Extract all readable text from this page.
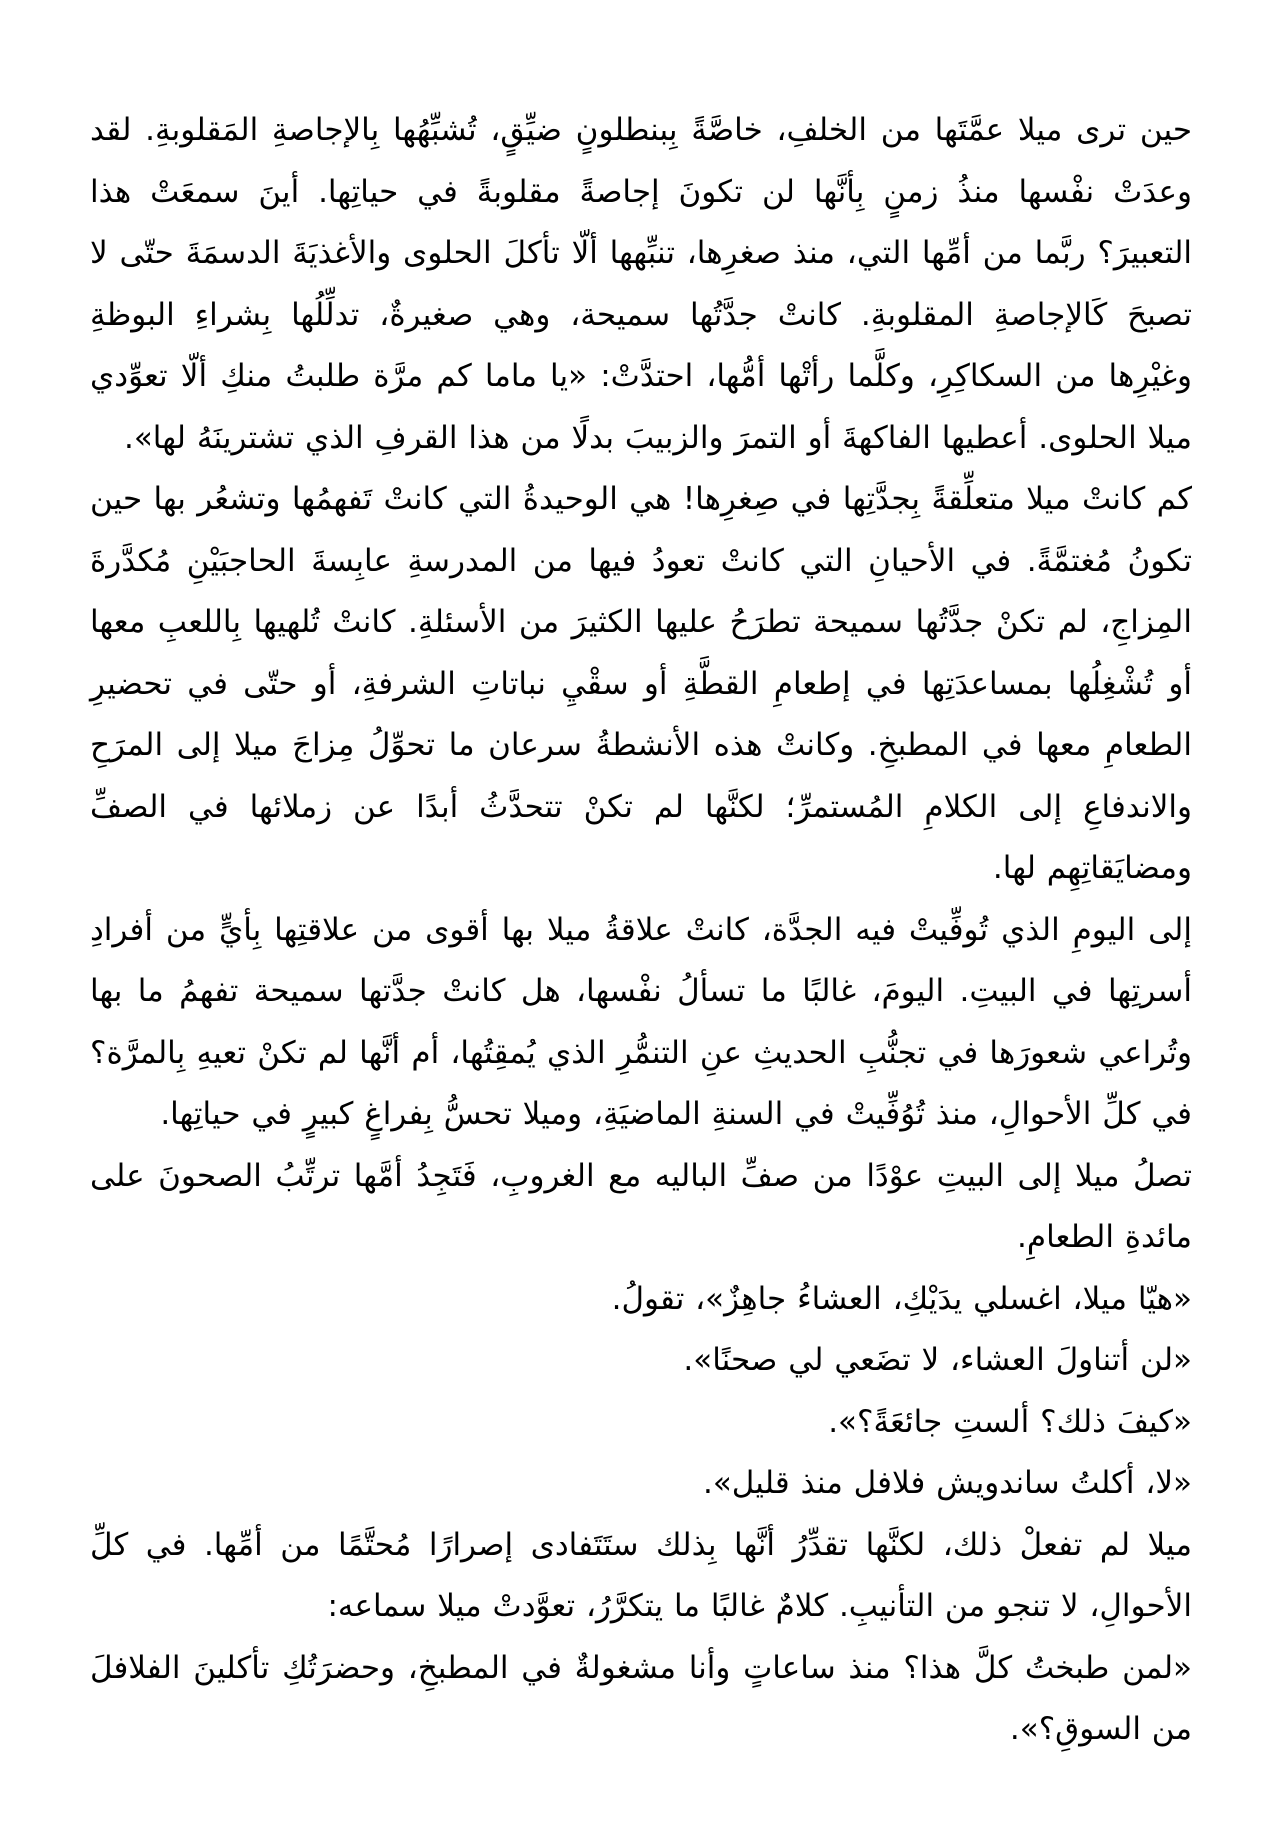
حين ترى ميلا عمَّتَها من الخلفِ، خاصَّةً بِبنطلونٍ ضيِّقٍ، تُشبِّهُها بِالإجاصةِ المَقلوبةِ. لقد وعدَتْ نفْسها منذُ زمنٍ بِأنَّها لن تكونَ إجاصةً مقلوبةً في حياتِها. أينَ سمعَتْ هذا التعبيرَ؟ ربَّما من أمِّها التي، منذ صغرِها، تنبِّهها ألّا تأكلَ الحلوى والأغذيَةَ الدسمَةَ حتّى لا تصبحَ كَالإجاصةِ المقلوبةِ. كانتْ جدَّتُها سميحة، وهي صغيرةٌ، تدلِّلُها بِشراءِ البوظةِ وغيْرِها من السكاكِرِ، وكلَّما رأتْها أمُّها، احتدَّتْ: «يا ماما كم مرَّة طلبتُ منكِ ألّا تعوِّدي ميلا الحلوى. أعطيها الفاكهةَ أو التمرَ والزبيبَ بدلًا من هذا القرفِ الذي تشترينَهُ لها».

كم كانتْ ميلا متعلِّقةً بِجدَّتِها في صِغرِها! هي الوحيدةُ التي كانتْ تَفهمُها وتشعُر بها حين تكونُ مُغتمَّةً. في الأحيانِ التي كانتْ تعودُ فيها من المدرسةِ عابِسةَ الحاجبَيْنِ مُكدَّرةَ المِزاجِ، لم تكنْ جدَّتُها سميحة تطرَحُ عليها الكثيرَ من الأسئلةِ. كانتْ تُلهيها بِاللعبِ معها أو تُشْغِلُها بمساعدَتِها في إطعامِ القطَّةِ أو سقْيِ نباتاتِ الشرفةِ، أو حتّى في تحضيرِ الطعامِ معها في المطبخِ. وكانتْ هذه الأنشطةُ سرعان ما تحوِّلُ مِزاجَ ميلا إلى المرَحِ والاندفاعِ إلى الكلامِ المُستمرِّ؛ لكنَّها لم تكنْ تتحدَّثُ أبدًا عن زملائها في الصفِّ ومضايَقاتِهِم لها.

إلى اليومِ الذي تُوفِّيتْ فيه الجدَّة، كانتْ علاقةُ ميلا بها أقوى من علاقتِها بِأيٍّ من أفرادِ أسرتِها في البيتِ. اليومَ، غالبًا ما تسألُ نفْسها، هل كانتْ جدَّتها سميحة تفهمُ ما بها وتُراعي شعورَها في تجنُّبِ الحديثِ عنِ التنمُّرِ الذي يُمقِتُها، أم أنَّها لم تكنْ تعيهِ بِالمرَّة؟ في كلِّ الأحوالِ، منذ تُوُفِّيتْ في السنةِ الماضيَةِ، وميلا تحسُّ بِفراغٍ كبيرٍ في حياتِها.

تصلُ ميلا إلى البيتِ عوْدًا من صفِّ الباليه مع الغروبِ، فَتَجِدُ أمَّها ترتِّبُ الصحونَ على مائدةِ الطعامِ.

«هيّا ميلا، اغسلي يدَيْكِ، العشاءُ جاهِزٌ»، تقولُ.

«لن أتناولَ العشاء، لا تضَعي لي صحنًا».

«كيفَ ذلك؟ ألستِ جائعَةً؟».

«لا، أكلتُ ساندويش فلافل منذ قليل».

ميلا لم تفعلْ ذلك، لكنَّها تقدِّرُ أنَّها بِذلك ستَتَفادى إصرارًا مُحتَّمًا من أمِّها. في كلِّ الأحوالِ، لا تنجو من التأنيبِ. كلامٌ غالبًا ما يتكرَّرُ، تعوَّدتْ ميلا سماعه:

«لمن طبختُ كلَّ هذا؟ منذ ساعاتٍ وأنا مشغولةٌ في المطبخِ، وحضرَتُكِ تأكلينَ الفلافلَ من السوقِ؟».
